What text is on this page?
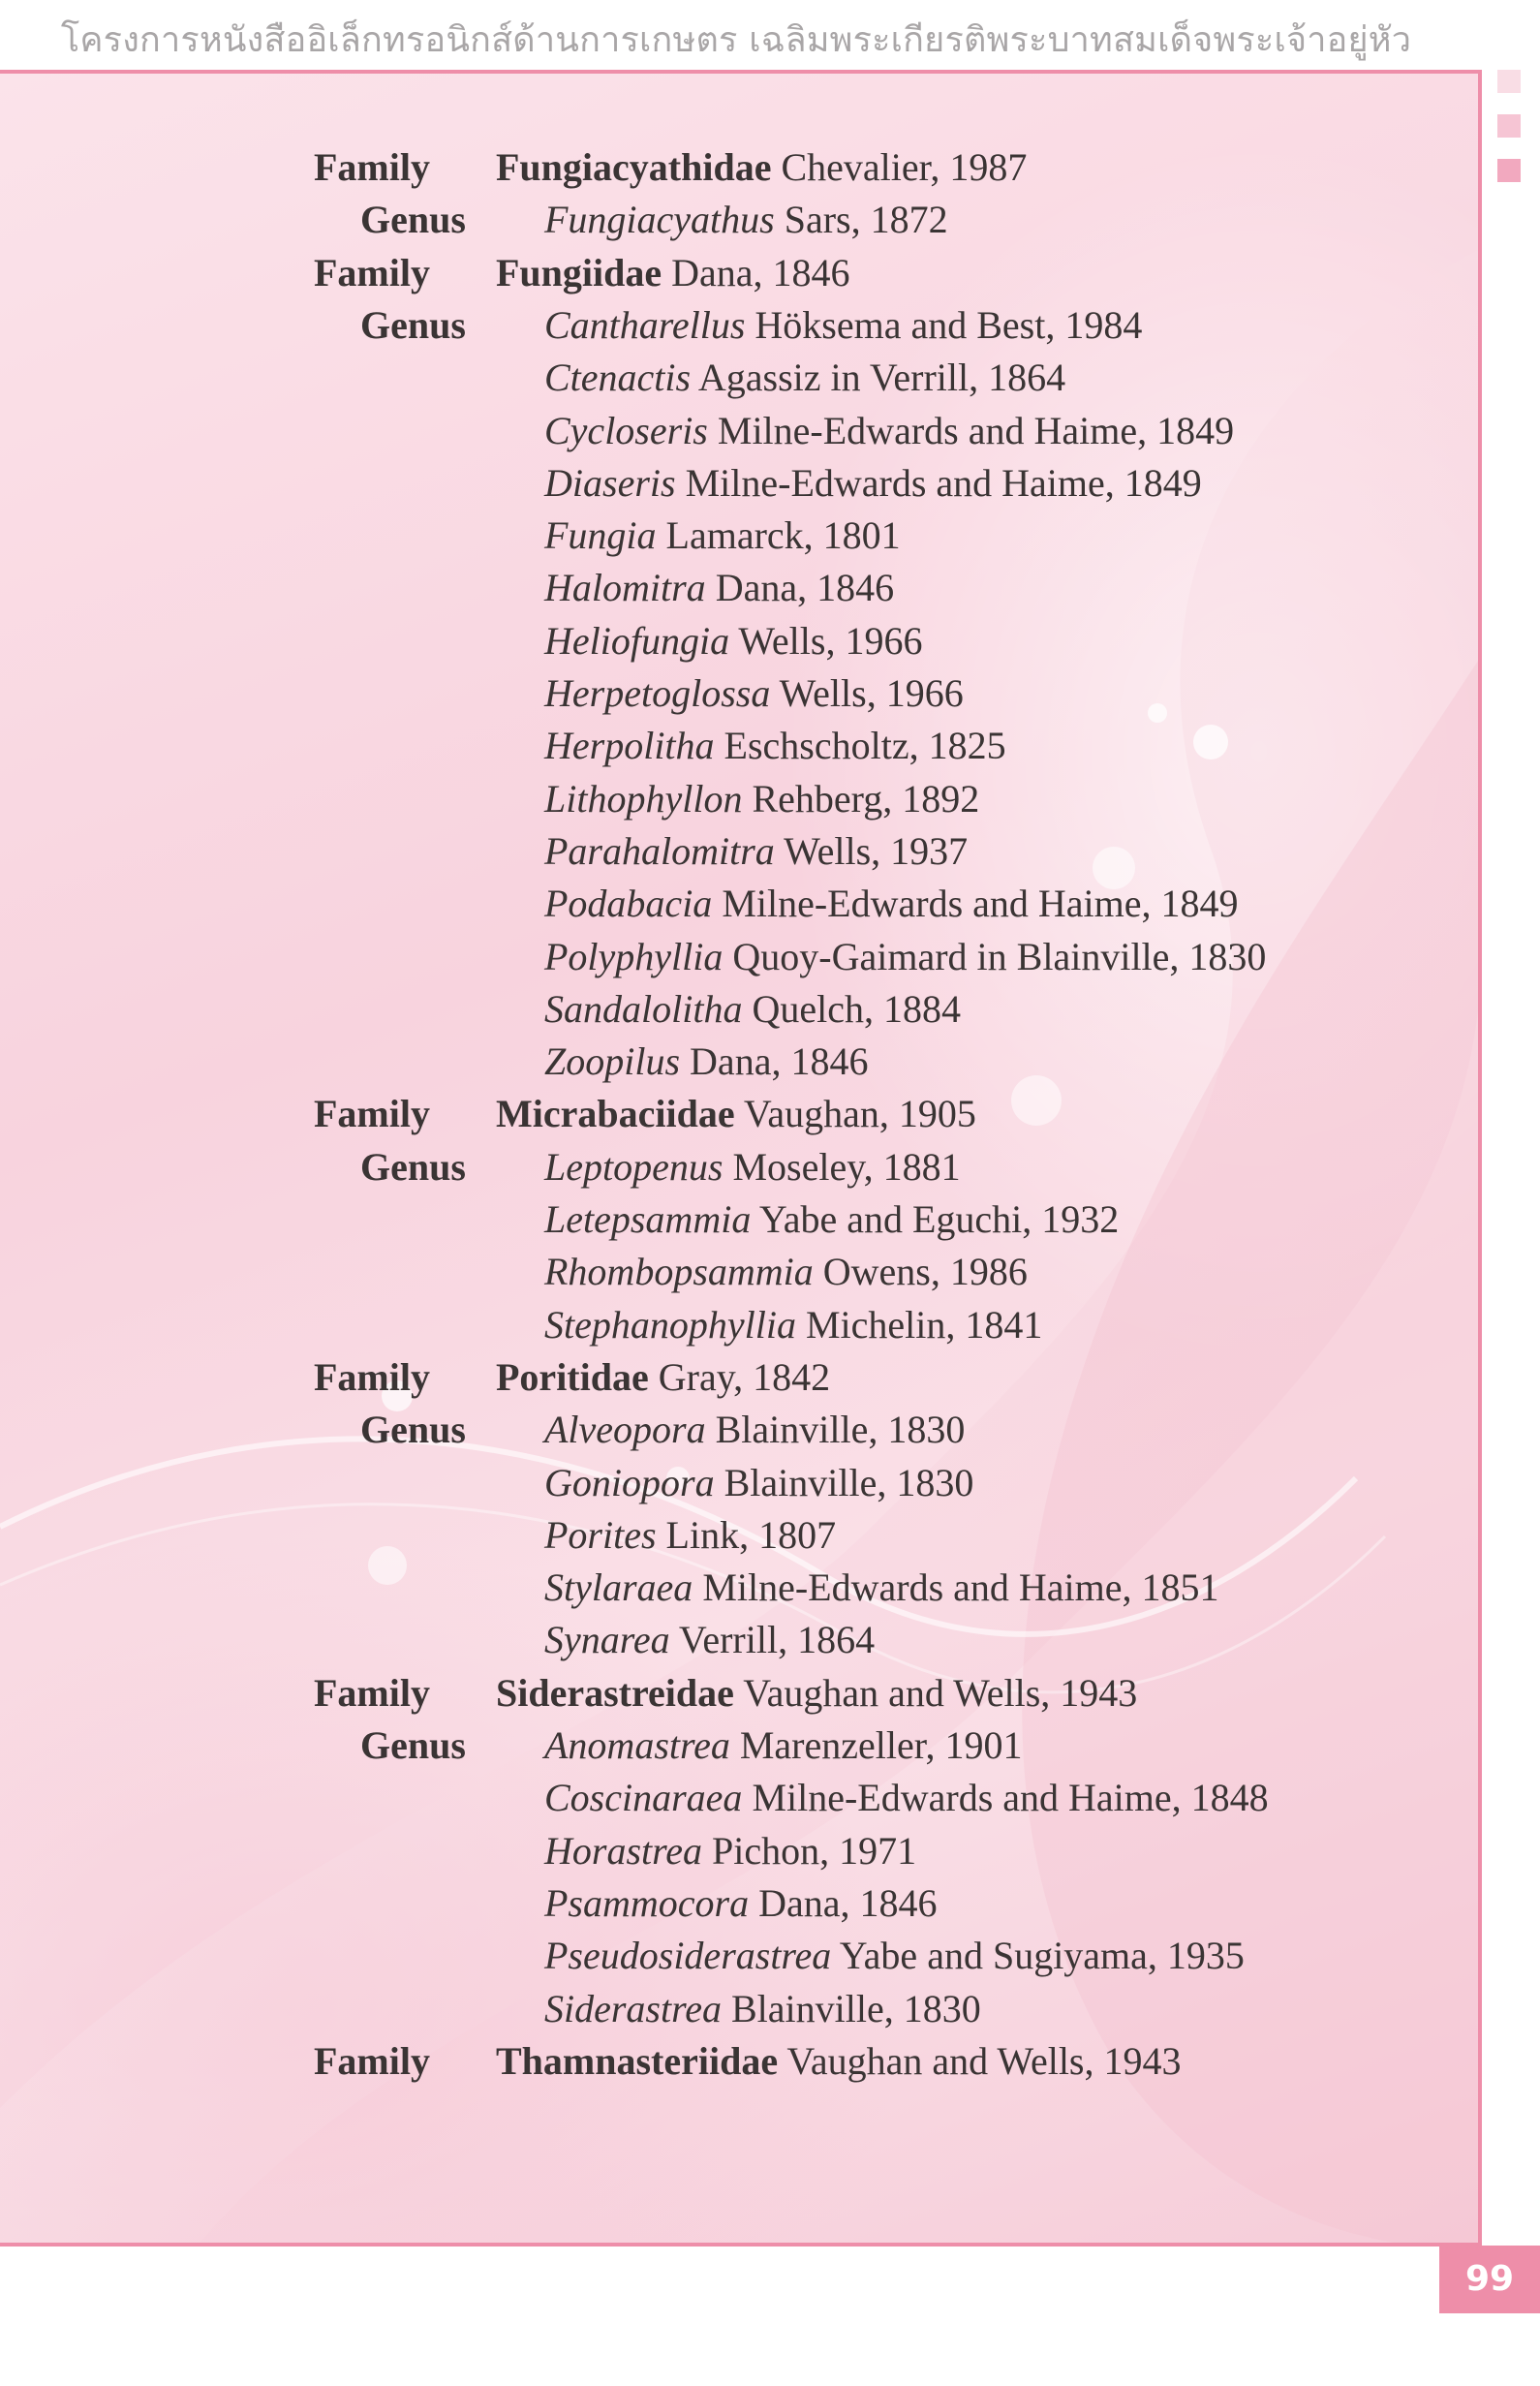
โครงการหนังสืออิเล็กทรอนิกส์ด้านการเกษตร เฉลิมพระเกียรติพระบาทสมเด็จพระเจ้าอยู่หัว
Family Fungiacyathidae Chevalier, 1987
Genus Fungiacyathus Sars, 1872
Family Fungiidae Dana, 1846
Genus Cantharellus Höksema and Best, 1984
Ctenactis Agassiz in Verrill, 1864
Cycloseris Milne-Edwards and Haime, 1849
Diaseris Milne-Edwards and Haime, 1849
Fungia Lamarck, 1801
Halomitra Dana, 1846
Heliofungia Wells, 1966
Herpetoglossa Wells, 1966
Herpolitha Eschscholtz, 1825
Lithophyllon Rehberg, 1892
Parahalomitra Wells, 1937
Podabacia Milne-Edwards and Haime, 1849
Polyphyllia Quoy-Gaimard in Blainville, 1830
Sandalolitha Quelch, 1884
Zoopilus Dana, 1846
Family Micrabaciidae Vaughan, 1905
Genus Leptopenus Moseley, 1881
Letepsammia Yabe and Eguchi, 1932
Rhombopsammia Owens, 1986
Stephanophyllia Michelin, 1841
Family Poritidae Gray, 1842
Genus Alveopora Blainville, 1830
Goniopora Blainville, 1830
Porites Link, 1807
Stylaraea Milne-Edwards and Haime, 1851
Synarea Verrill, 1864
Family Siderastreidae Vaughan and Wells, 1943
Genus Anomastrea Marenzeller, 1901
Coscinaraea Milne-Edwards and Haime, 1848
Horastrea Pichon, 1971
Psammocora Dana, 1846
Pseudosiderastrea Yabe and Sugiyama, 1935
Siderastrea Blainville, 1830
Family Thamnasteriidae Vaughan and Wells, 1943
99
